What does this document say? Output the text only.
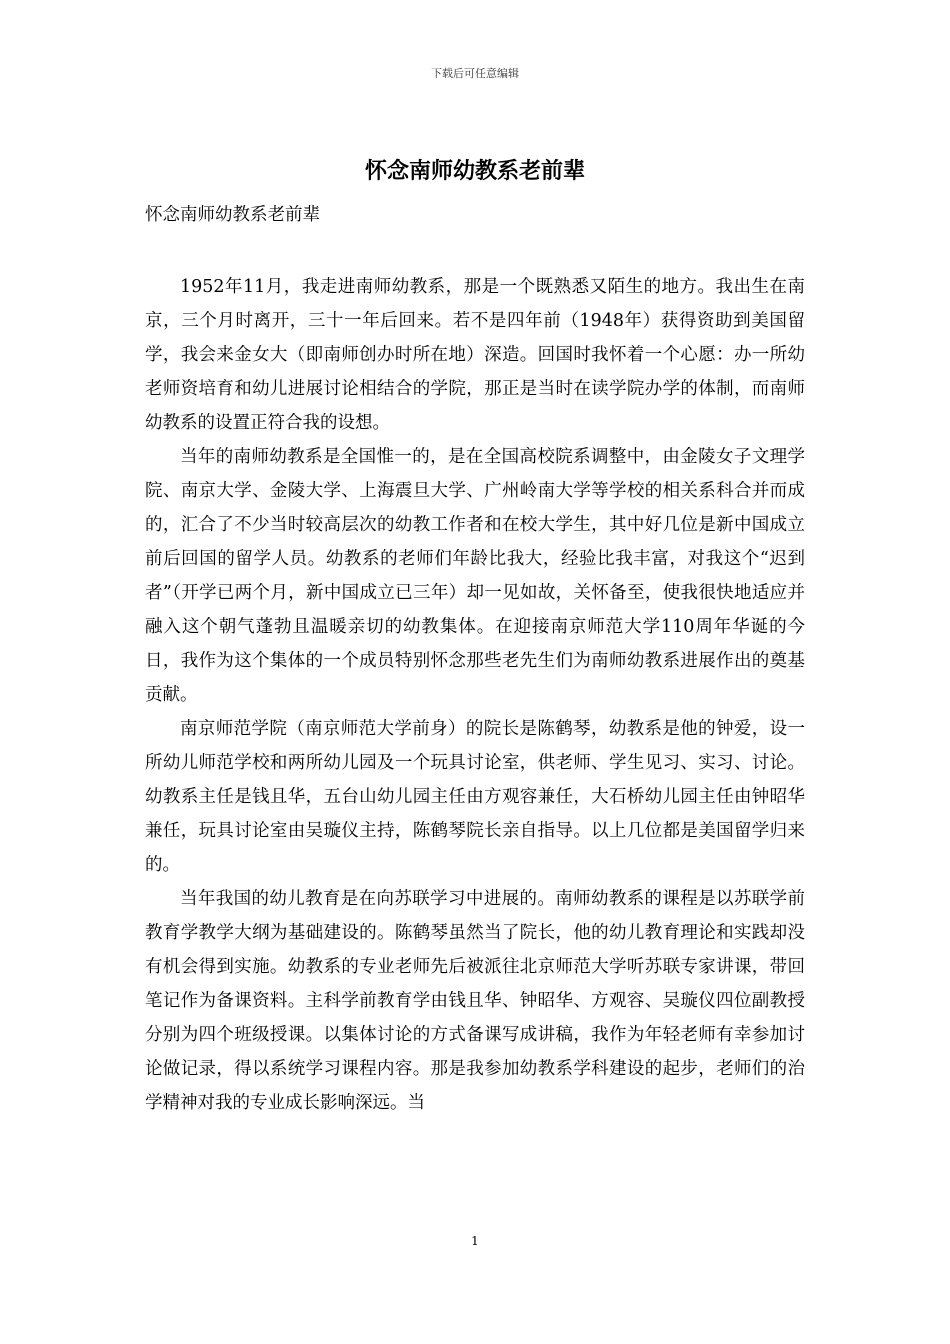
下载后可任意编辑
怀念南师幼教系老前辈

怀念南师幼教系老前辈

1952年11月，我走进南师幼教系，那是一个既熟悉又陌生的地方。我出生在南京，三个月时离开，三十一年后回来。若不是四年前（1948年）获得资助到美国留学，我会来金女大（即南师创办时所在地）深造。回国时我怀着一个心愿：办一所幼老师资培育和幼儿进展讨论相结合的学院，那正是当时在读学院办学的体制，而南师幼教系的设置正符合我的设想。

当年的南师幼教系是全国惟一的，是在全国高校院系调整中，由金陵女子文理学院、南京大学、金陵大学、上海震旦大学、广州岭南大学等学校的相关系科合并而成的，汇合了不少当时较高层次的幼教工作者和在校大学生，其中好几位是新中国成立前后回国的留学人员。幼教系的老师们年龄比我大，经验比我丰富，对我这个“迟到者”（开学已两个月，新中国成立已三年）却一见如故，关怀备至，使我很快地适应并融入这个朝气蓬勃且温暖亲切的幼教集体。在迎接南京师范大学110周年华诞的今日，我作为这个集体的一个成员特别怀念那些老先生们为南师幼教系进展作出的奠基贡献。

南京师范学院（南京师范大学前身）的院长是陈鹤琴，幼教系是他的钟爱，设一所幼儿师范学校和两所幼儿园及一个玩具讨论室，供老师、学生见习、实习、讨论。幼教系主任是钱且华，五台山幼儿园主任由方观容兼任，大石桥幼儿园主任由钟昭华兼任，玩具讨论室由吴璇仪主持，陈鹤琴院长亲自指导。以上几位都是美国留学归来的。

当年我国的幼儿教育是在向苏联学习中进展的。南师幼教系的课程是以苏联学前教育学教学大纲为基础建设的。陈鹤琴虽然当了院长，他的幼儿教育理论和实践却没有机会得到实施。幼教系的专业老师先后被派往北京师范大学听苏联专家讲课，带回笔记作为备课资料。主科学前教育学由钱且华、钟昭华、方观容、吴璇仪四位副教授分别为四个班级授课。以集体讨论的方式备课写成讲稿，我作为年轻老师有幸参加讨论做记录，得以系统学习课程内容。那是我参加幼教系学科建设的起步，老师们的治学精神对我的专业成长影响深远。当

1
